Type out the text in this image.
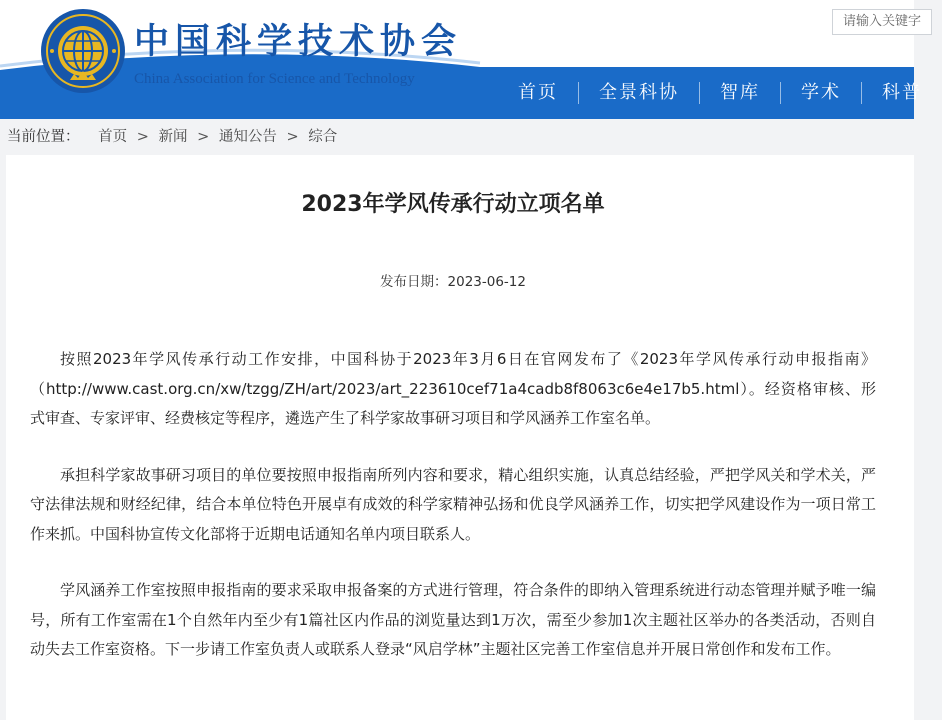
中国科学技术协会
China Association for Science and Technology
请输入关键字
首页	全景科协	智库	学术	科普
当前位置： 首页 > 新闻 > 通知公告 > 综合
2023年学风传承行动立项名单
发布日期：2023-06-12

按照2023年学风传承行动工作安排，中国科协于2023年3月6日在官网发布了《2023年学风传承行动申报指南》（http://www.cast.org.cn/xw/tzgg/ZH/art/2023/art_223610cef71a4cadb8f8063c6e4e17b5.html）。经资格审核、形式审查、专家评审、经费核定等程序，遴选产生了科学家故事研习项目和学风涵养工作室名单。

承担科学家故事研习项目的单位要按照申报指南所列内容和要求，精心组织实施，认真总结经验，严把学风关和学术关，严守法律法规和财经纪律，结合本单位特色开展卓有成效的科学家精神弘扬和优良学风涵养工作，切实把学风建设作为一项日常工作来抓。中国科协宣传文化部将于近期电话通知名单内项目联系人。

学风涵养工作室按照申报指南的要求采取申报备案的方式进行管理，符合条件的即纳入管理系统进行动态管理并赋予唯一编号，所有工作室需在1个自然年内至少有1篇社区内作品的浏览量达到1万次，需至少参加1次主题社区举办的各类活动，否则自动失去工作室资格。下一步请工作室负责人或联系人登录“风启学林”主题社区完善工作室信息并开展日常创作和发布工作。
